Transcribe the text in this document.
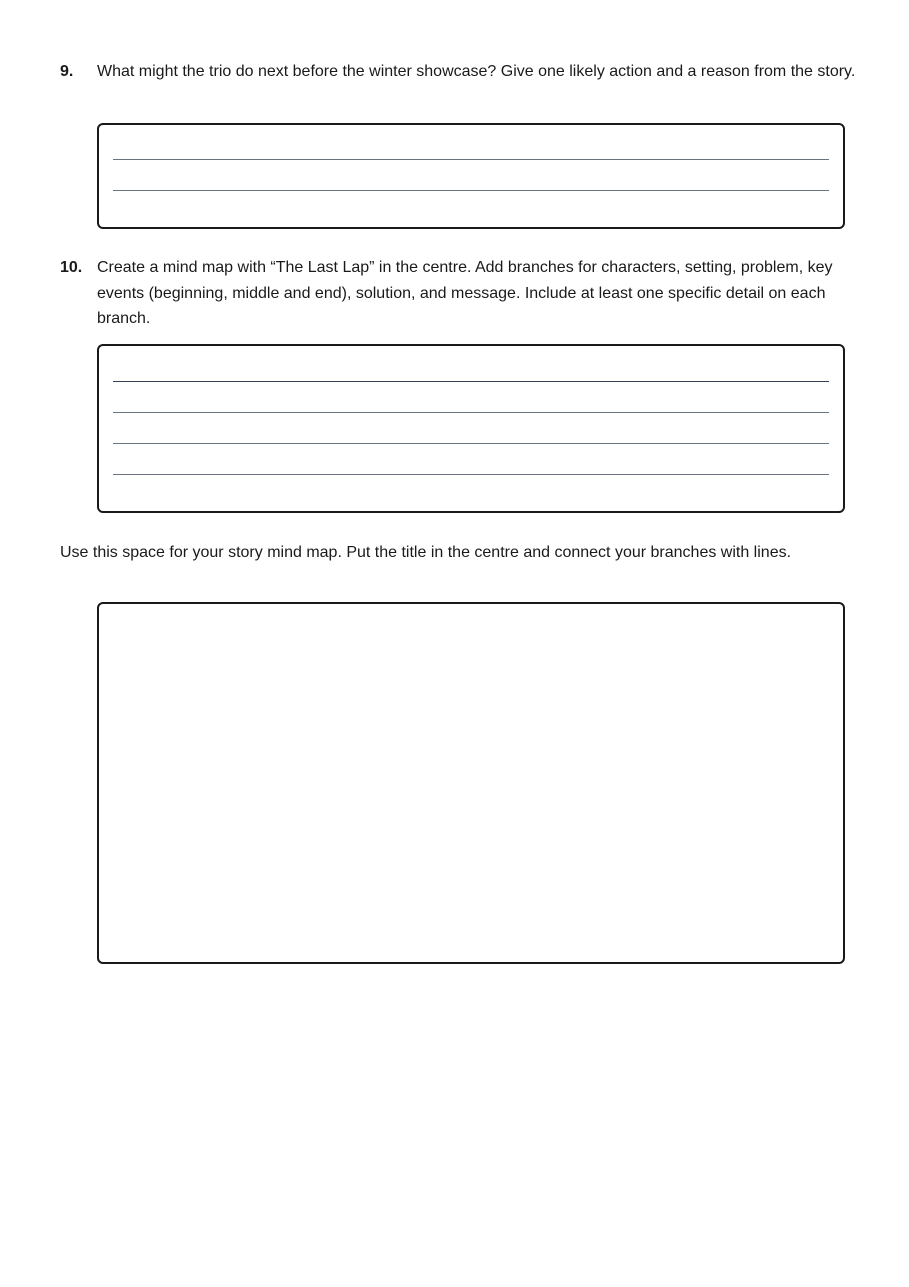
9. What might the trio do next before the winter showcase? Give one likely action and a reason from the story.
10. Create a mind map with “The Last Lap” in the centre. Add branches for characters, setting, problem, key events (beginning, middle and end), solution, and message. Include at least one specific detail on each branch.
Use this space for your story mind map. Put the title in the centre and connect your branches with lines.
